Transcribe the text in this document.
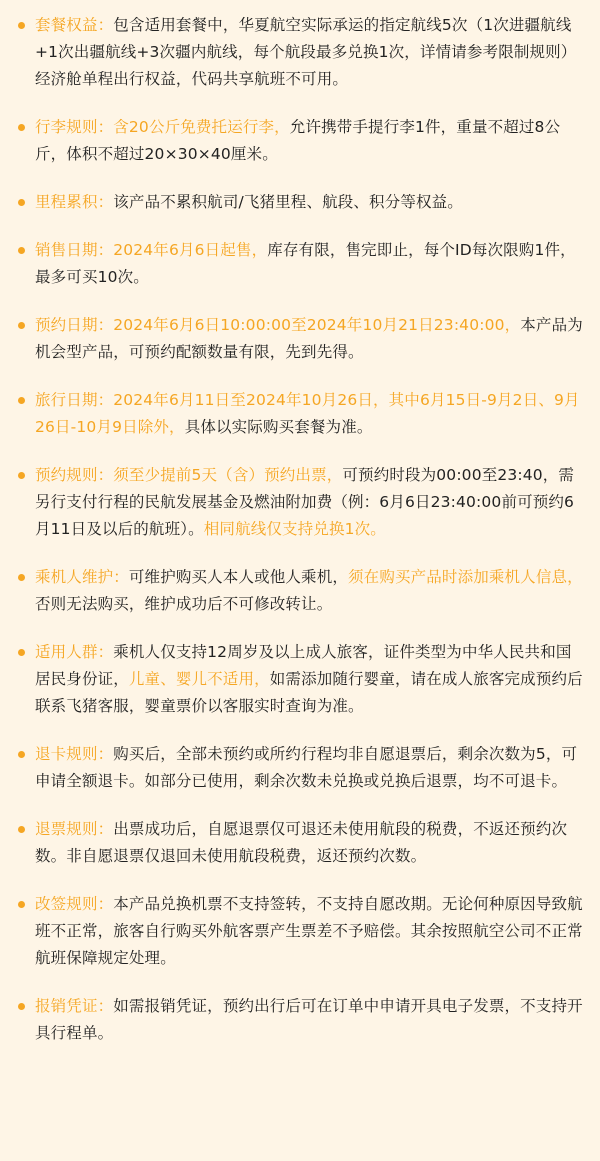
套餐权益：包含适用套餐中，华夏航空实际承运的指定航线5次（1次进疆航线+1次出疆航线+3次疆内航线，每个航段最多兑换1次，详情请参考限制规则）经济舱单程出行权益，代码共享航班不可用。
行李规则：含20公斤免费托运行李，允许携带手提行李1件，重量不超过8公斤，体积不超过20×30×40厘米。
里程累积：该产品不累积航司/飞猪里程、航段、积分等权益。
销售日期：2024年6月6日起售，库存有限，售完即止，每个ID每次限购1件，最多可买10次。
预约日期：2024年6月6日10:00:00至2024年10月21日23:40:00，本产品为机会型产品，可预约配额数量有限，先到先得。
旅行日期：2024年6月11日至2024年10月26日，其中6月15日-9月2日、9月26日-10月9日除外，具体以实际购买套餐为准。
预约规则：须至少提前5天（含）预约出票，可预约时段为00:00至23:40，需另行支付行程的民航发展基金及燃油附加费（例：6月6日23:40:00前可预约6月11日及以后的航班）。相同航线仅支持兑换1次。
乘机人维护：可维护购买人本人或他人乘机，须在购买产品时添加乘机人信息，否则无法购买，维护成功后不可修改转让。
适用人群：乘机人仅支持12周岁及以上成人旅客，证件类型为中华人民共和国居民身份证，儿童、婴儿不适用，如需添加随行婴童，请在成人旅客完成预约后联系飞猪客服，婴童票价以客服实时查询为准。
退卡规则：购买后，全部未预约或所约行程均非自愿退票后，剩余次数为5，可申请全额退卡。如部分已使用，剩余次数未兑换或兑换后退票，均不可退卡。
退票规则：出票成功后，自愿退票仅可退还未使用航段的税费，不返还预约次数。非自愿退票仅退回未使用航段税费，返还预约次数。
改签规则：本产品兑换机票不支持签转，不支持自愿改期。无论何种原因导致航班不正常，旅客自行购买外航客票产生票差不予赔偿。其余按照航空公司不正常航班保障规定处理。
报销凭证：如需报销凭证，预约出行后可在订单中申请开具电子发票，不支持开具行程单。
